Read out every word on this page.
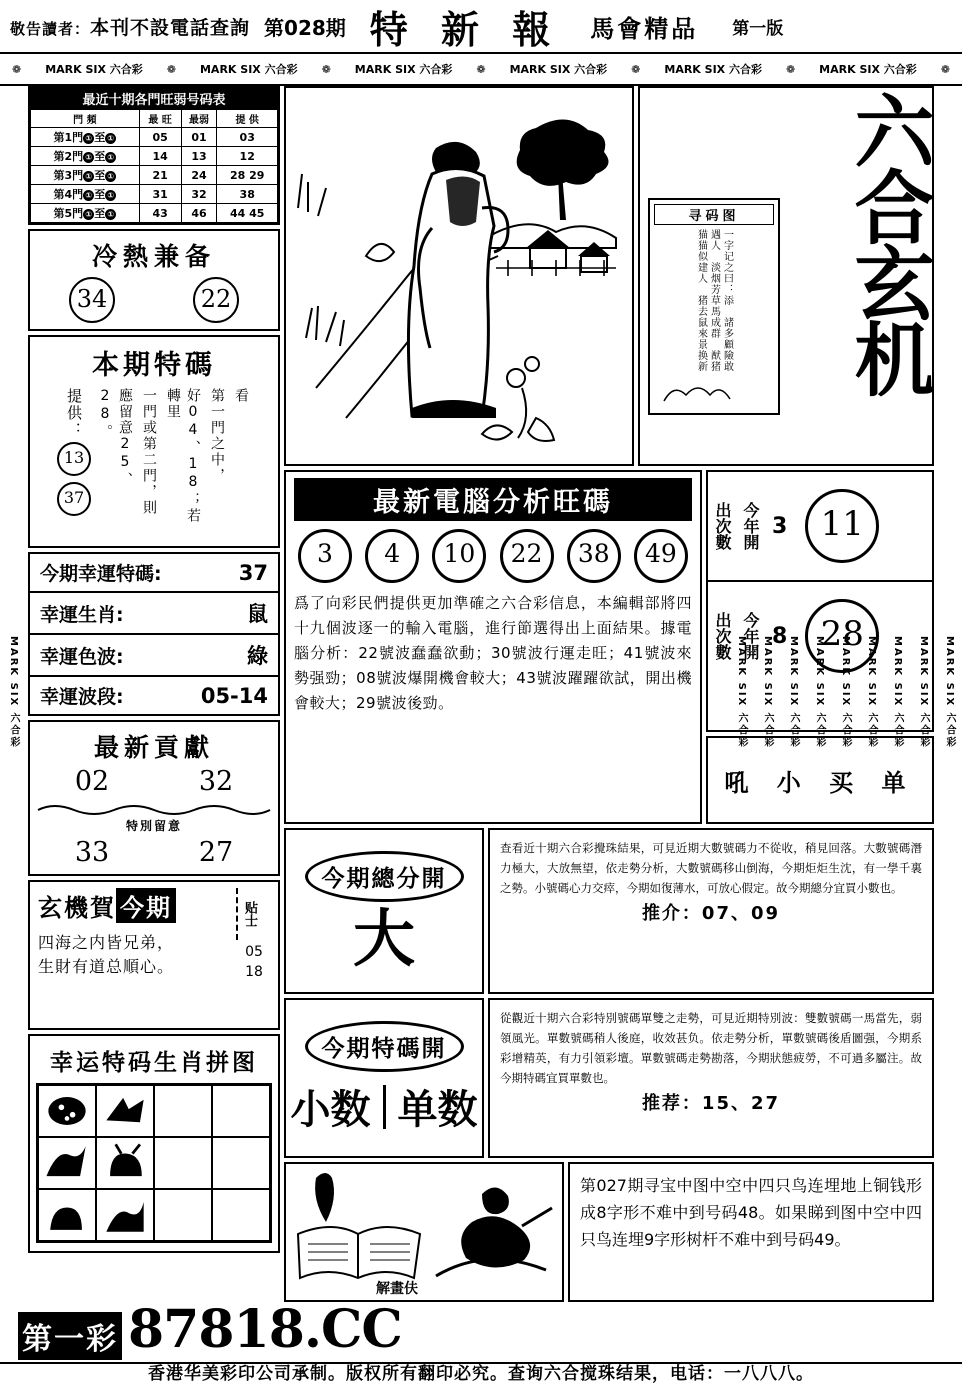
敬告讀者：本刊不設電話查詢 第028期 特 新 報 馬會精品 第一版
❁ MARK SIX 六合彩 ❁ MARK SIX 六合彩 ❁ MARK SIX 六合彩 ❁ MARK SIX 六合彩 ❁ MARK SIX 六合彩 ❁ MARK SIX 六合彩 ❁
MARK SIX 六合彩	MARK SIX 六合彩
MARK SIX 六合彩
MARK SIX 六合彩
MARK SIX 六合彩
MARK SIX 六合彩
MARK SIX 六合彩
MARK SIX 六合彩
MARK SIX 六合彩
MARK SIX 六合彩
最近十期各門旺弱号码表
門 頻	最 旺	最弱	提 供
第1門 ① 至 ①	05	01	03
第2門 ① 至 ①	14	13	12
第3門 ① 至 ①	21	24	28 29
第4門 ① 至 ①	31	32	38
第5門 ① 至 ①	43	46	44 45
冷熱兼备
34	22
本期特碼
看
第一門之中，
好04、18；若轉里
一門或第二門，則
應留意25、28。
提供：
13
37
今期幸運特碼:	37
幸運生肖:	鼠
幸運色波:	綠
幸運波段:	05-14
最新貢獻
02	32
特別留意
33	27
玄機賀 今期
四海之内皆兄弟，
生財有道总順心。
贴士
05
18
幸运特码生肖拼图
六合玄机
寻码图
一字记之曰：添　諸多顧險敢遇人　淡烟芳草馬成群　猷猪猫猫似建人　猪去鼠來景换新
最新電腦分析旺碼
3	4	10	22	38	49
爲了向彩民們提供更加準確之六合彩信息，本編輯部將四十九個波逐一的輸入電腦，進行節選得出上面結果。據電腦分析：22號波蠢蠢欲動；30號波行運走旺；41號波來勢强勁；08號波爆開機會較大；43號波躍躍欲試，開出機會較大；29號波後勁。
出次數 今年開 3 11
出次數 今年開 8 28
吼 小 买 单
今期總分開
大
查看近十期六合彩攪珠結果，可見近期大數號碼力不從收，稍見回落。大數號碼潛力極大，大放無望，依走勢分析，大數號碼移山倒海，今期炬炬生沈，有一學千裏之勢。小號碼心力交瘁，今期如復薄水，可放心假定。故今期總分宜買小數也。
推介：07、09
今期特碼開
小数 单数
從觀近十期六合彩特別號碼單雙之走勢，可見近期特別波：雙數號碼一馬當先，弱領風光。單數號碼稍人後庭，收效甚负。依走勢分析，單數號碼後盾圖强，今期系彩增精英，有力引領彩壇。單數號碼走勢勘落，今期狀態疲勞，不可過多屬注。故今期特碼宜買單數也。
推荐：15、27
解畫伕
第027期寻宝中图中空中四只鸟连埋地上铜钱形成8字形不难中到号码48。如果睇到图中空中四只鸟连埋9字形树杆不难中到号码49。
第一彩 87818.CC
香港华美彩印公司承制。版权所有翻印必究。查询六合搅珠结果，电话：一八八八。
